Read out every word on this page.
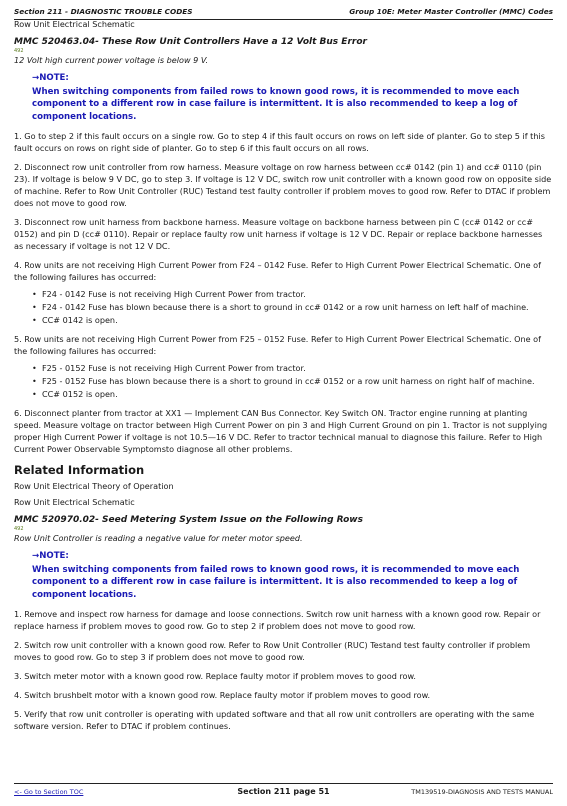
Section 211 - DIAGNOSTIC TROUBLE CODES	Group 10E: Meter Master Controller (MMC) Codes

Row Unit Electrical Schematic

MMC 520463.04- These Row Unit Controllers Have a 12 Volt Bus Error

492

12 Volt high current power voltage is below 9 V.

→NOTE:

When switching components from failed rows to known good rows, it is recommended to move each component to a different row in case failure is intermittent. It is also recommended to keep a log of component locations.

1. Go to step 2 if this fault occurs on a single row. Go to step 4 if this fault occurs on rows on left side of planter. Go to step 5 if this fault occurs on rows on right side of planter. Go to step 6 if this fault occurs on all rows.

2. Disconnect row unit controller from row harness. Measure voltage on row harness between cc# 0142 (pin 1) and cc# 0110 (pin 23). If voltage is below 9 V DC, go to step 3. If voltage is 12 V DC, switch row unit controller with a known good row on opposite side of machine. Refer to Row Unit Controller (RUC) Testand test faulty controller if problem moves to good row. Refer to DTAC if problem does not move to good row.

3. Disconnect row unit harness from backbone harness. Measure voltage on backbone harness between pin C (cc# 0142 or cc# 0152) and pin D (cc# 0110). Repair or replace faulty row unit harness if voltage is 12 V DC. Repair or replace backbone harnesses as necessary if voltage is not 12 V DC.

4. Row units are not receiving High Current Power from F24 – 0142 Fuse. Refer to High Current Power Electrical Schematic. One of the following failures has occurred:

• F24 - 0142 Fuse is not receiving High Current Power from tractor.
• F24 - 0142 Fuse has blown because there is a short to ground in cc# 0142 or a row unit harness on left half of machine.
• CC# 0142 is open.

5. Row units are not receiving High Current Power from F25 – 0152 Fuse. Refer to High Current Power Electrical Schematic. One of the following failures has occurred:

• F25 - 0152 Fuse is not receiving High Current Power from tractor.
• F25 - 0152 Fuse has blown because there is a short to ground in cc# 0152 or a row unit harness on right half of machine.
• CC# 0152 is open.

6. Disconnect planter from tractor at XX1 — Implement CAN Bus Connector. Key Switch ON. Tractor engine running at planting speed. Measure voltage on tractor between High Current Power on pin 3 and High Current Ground on pin 1. Tractor is not supplying proper High Current Power if voltage is not 10.5—16 V DC. Refer to tractor technical manual to diagnose this failure. Refer to High Current Power Observable Symptomsto diagnose all other problems.

Related Information

Row Unit Electrical Theory of Operation

Row Unit Electrical Schematic

MMC 520970.02- Seed Metering System Issue on the Following Rows

492

Row Unit Controller is reading a negative value for meter motor speed.

→NOTE:

When switching components from failed rows to known good rows, it is recommended to move each component to a different row in case failure is intermittent. It is also recommended to keep a log of component locations.

1. Remove and inspect row harness for damage and loose connections. Switch row unit harness with a known good row. Repair or replace harness if problem moves to good row. Go to step 2 if problem does not move to good row.

2. Switch row unit controller with a known good row. Refer to Row Unit Controller (RUC) Testand test faulty controller if problem moves to good row. Go to step 3 if problem does not move to good row.

3. Switch meter motor with a known good row. Replace faulty motor if problem moves to good row.

4. Switch brushbelt motor with a known good row. Replace faulty motor if problem moves to good row.

5. Verify that row unit controller is operating with updated software and that all row unit controllers are operating with the same software version. Refer to DTAC if problem continues.

<- Go to Section TOC	Section 211 page 51	TM139519-DIAGNOSIS AND TESTS MANUAL
